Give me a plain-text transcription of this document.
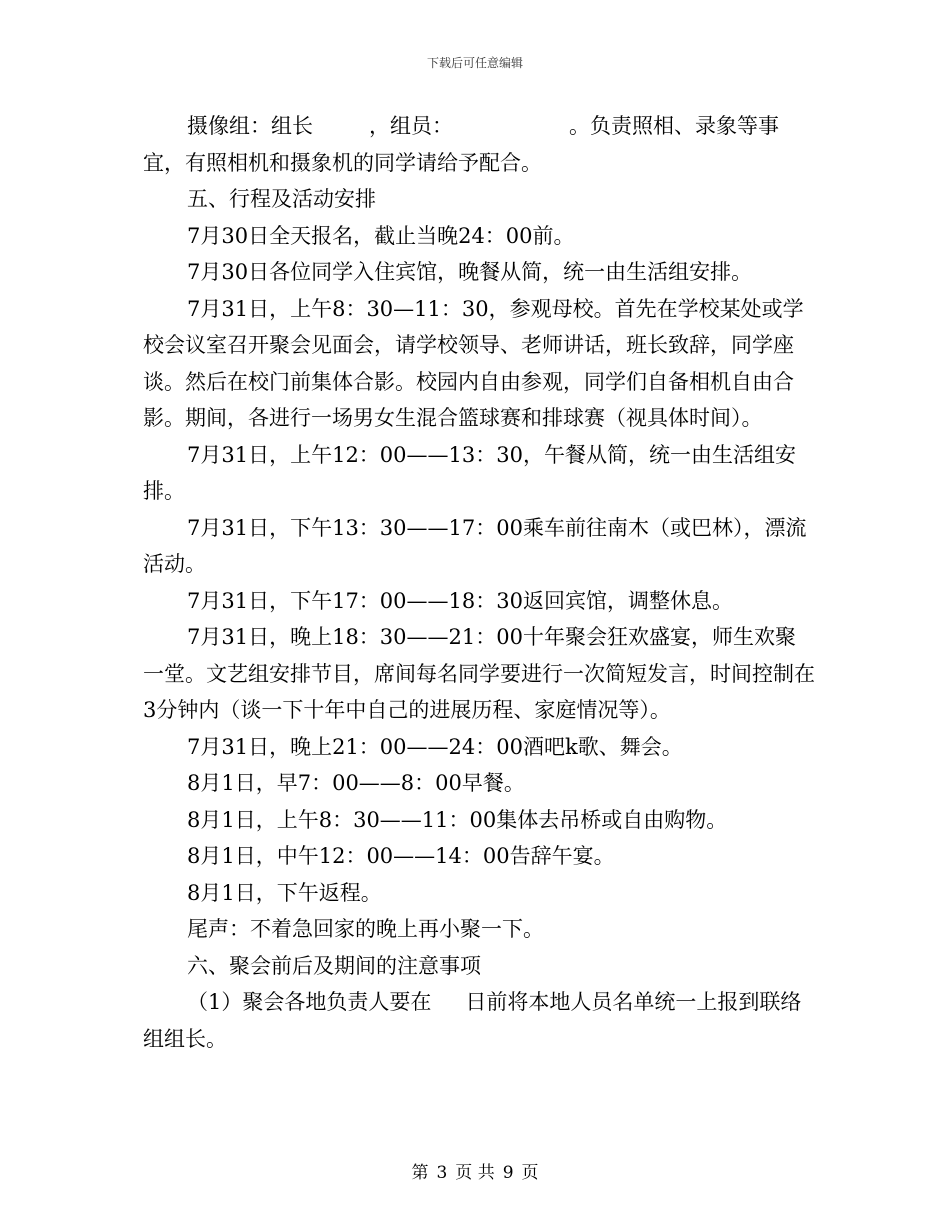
下载后可任意编辑

摄像组：组长	，组员：	。负责照相、录象等事宜，有照相机和摄象机的同学请给予配合。

五、行程及活动安排

7月30日全天报名，截止当晚24：00前。

7月30日各位同学入住宾馆，晚餐从简，统一由生活组安排。

7月31日，上午8：30—11：30，参观母校。首先在学校某处或学校会议室召开聚会见面会，请学校领导、老师讲话，班长致辞，同学座谈。然后在校门前集体合影。校园内自由参观，同学们自备相机自由合影。期间，各进行一场男女生混合篮球赛和排球赛（视具体时间）。

7月31日，上午12：00——13：30，午餐从简，统一由生活组安排。

7月31日，下午13：30——17：00乘车前往南木（或巴林），漂流活动。

7月31日，下午17：00——18：30返回宾馆，调整休息。

7月31日，晚上18：30——21：00十年聚会狂欢盛宴，师生欢聚一堂。文艺组安排节目，席间每名同学要进行一次简短发言，时间控制在3分钟内（谈一下十年中自己的进展历程、家庭情况等）。

7月31日，晚上21：00——24：00酒吧k歌、舞会。

8月1日，早7：00——8：00早餐。

8月1日，上午8：30——11：00集体去吊桥或自由购物。

8月1日，中午12：00——14：00告辞午宴。

8月1日，下午返程。

尾声：不着急回家的晚上再小聚一下。

六、聚会前后及期间的注意事项

（1）聚会各地负责人要在 日前将本地人员名单统一上报到联络组组长。

第 3 页 共 9 页
